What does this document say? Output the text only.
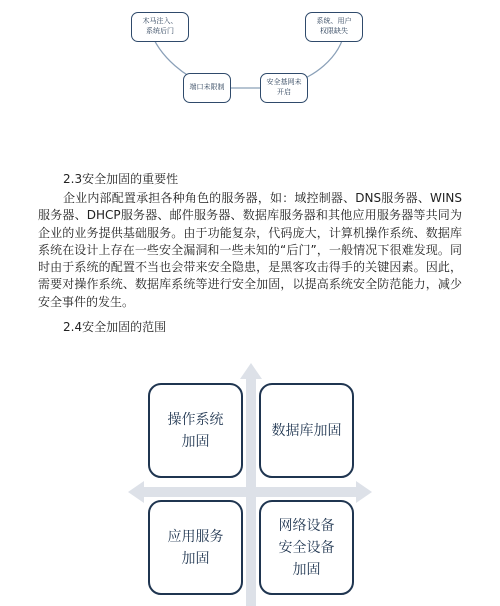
木马注入、
系统后门
系统、用户
权限缺失
端口未限制
安全基网未
开启
2.3安全加固的重要性
企业内部配置承担各种角色的服务器，如：域控制器、DNS服务器、WINS服务器、DHCP服务器、邮件服务器、数据库服务器和其他应用服务器等共同为企业的业务提供基础服务。由于功能复杂，代码庞大，计算机操作系统、数据库系统在设计上存在一些安全漏洞和一些未知的“后门”，一般情况下很难发现。同时由于系统的配置不当也会带来安全隐患，是黑客攻击得手的关键因素。因此，需要对操作系统、数据库系统等进行安全加固，以提高系统安全防范能力，减少安全事件的发生。
2.4安全加固的范围
操作系统
加固
数据库加固
应用服务
加固
网络设备
安全设备
加固
